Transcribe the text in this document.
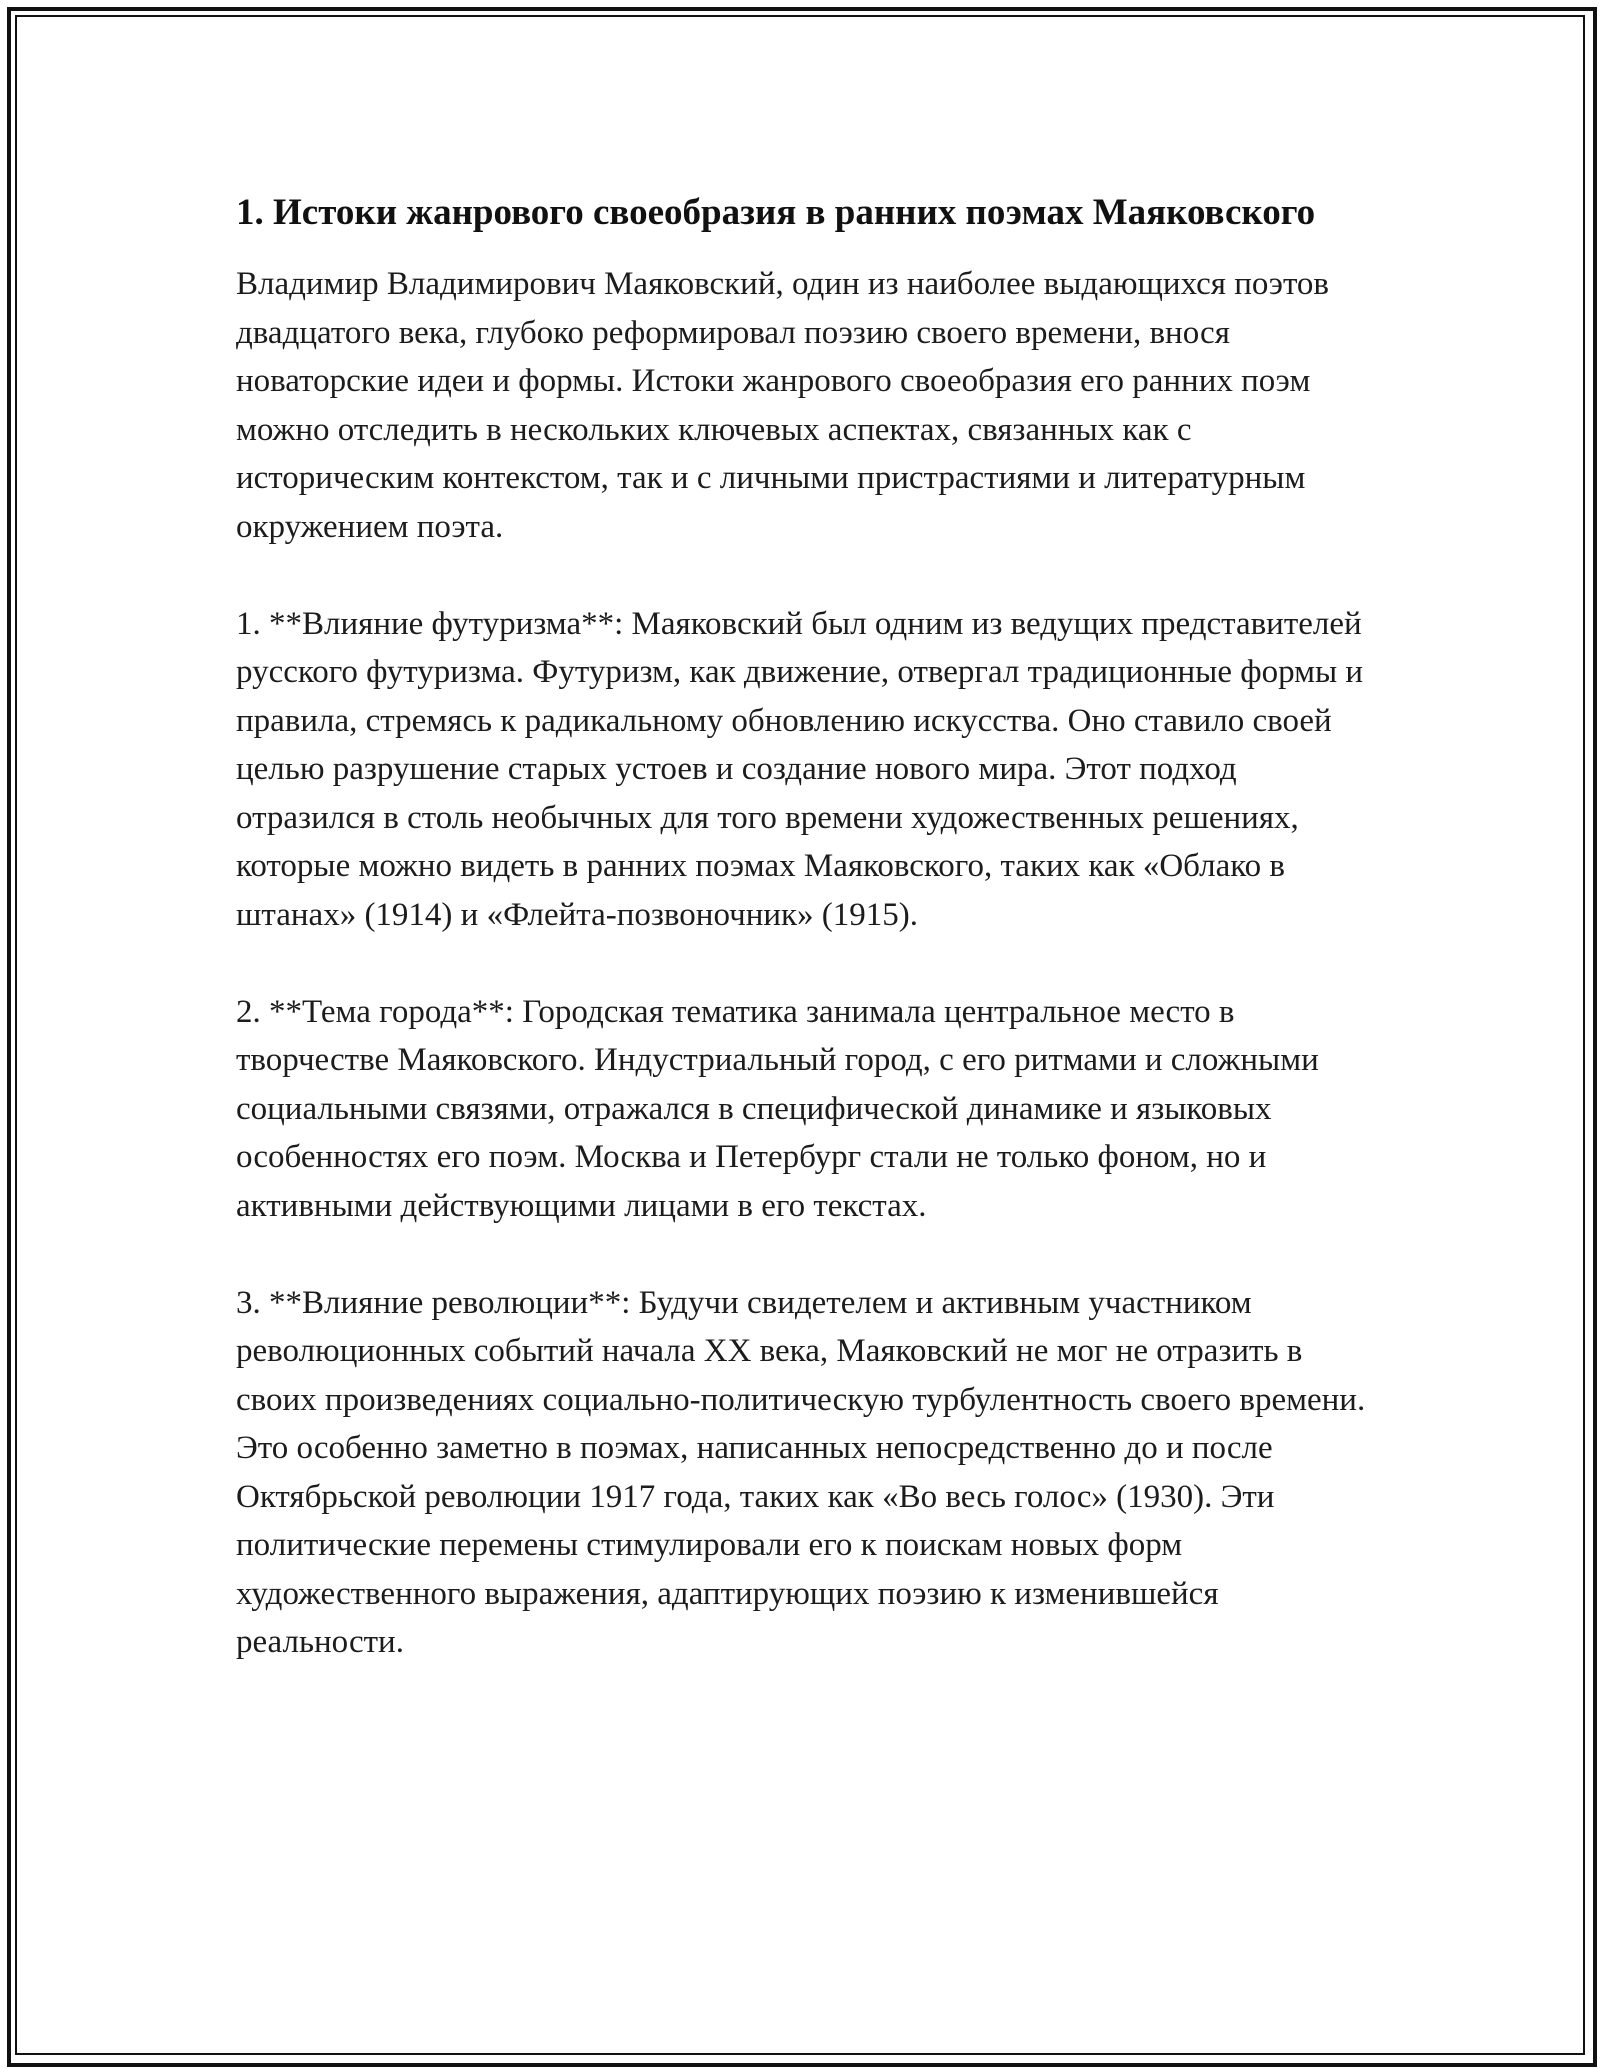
1. Истоки жанрового своеобразия в ранних поэмах Маяковского

Владимир Владимирович Маяковский, один из наиболее выдающихся поэтов двадцатого века, глубоко реформировал поэзию своего времени, внося новаторские идеи и формы. Истоки жанрового своеобразия его ранних поэм можно отследить в нескольких ключевых аспектах, связанных как с историческим контекстом, так и с личными пристрастиями и литературным окружением поэта.

1. **Влияние футуризма**: Маяковский был одним из ведущих представителей русского футуризма. Футуризм, как движение, отвергал традиционные формы и правила, стремясь к радикальному обновлению искусства. Оно ставило своей целью разрушение старых устоев и создание нового мира. Этот подход отразился в столь необычных для того времени художественных решениях, которые можно видеть в ранних поэмах Маяковского, таких как «Облако в штанах» (1914) и «Флейта-позвоночник» (1915).

2. **Тема города**: Городская тематика занимала центральное место в творчестве Маяковского. Индустриальный город, с его ритмами и сложными социальными связями, отражался в специфической динамике и языковых особенностях его поэм. Москва и Петербург стали не только фоном, но и активными действующими лицами в его текстах.

3. **Влияние революции**: Будучи свидетелем и активным участником революционных событий начала XX века, Маяковский не мог не отразить в своих произведениях социально-политическую турбулентность своего времени. Это особенно заметно в поэмах, написанных непосредственно до и после Октябрьской революции 1917 года, таких как «Во весь голос» (1930). Эти политические перемены стимулировали его к поискам новых форм художественного выражения, адаптирующих поэзию к изменившейся реальности.
